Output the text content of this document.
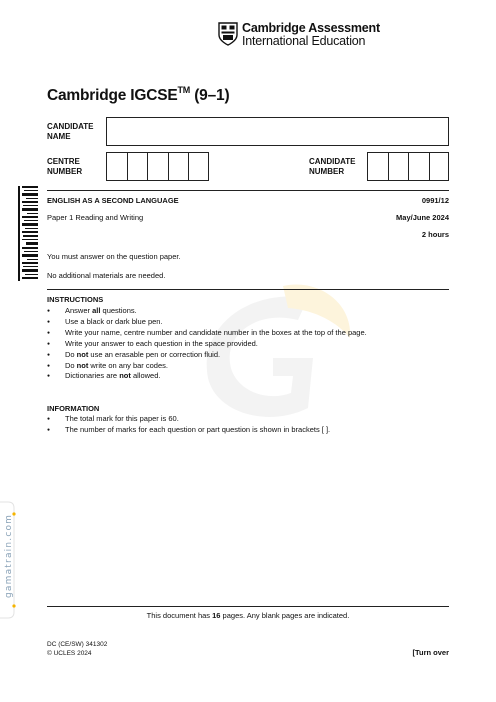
Cambridge Assessment
International Education
Cambridge IGCSE™ (9–1)
CANDIDATE
NAME
CENTRE
NUMBER
CANDIDATE
NUMBER
ENGLISH AS A SECOND LANGUAGE	0991/12
Paper 1 Reading and Writing	May/June 2024
2 hours
You must answer on the question paper.
No additional materials are needed.
INSTRUCTIONS
● Answer all questions.
● Use a black or dark blue pen.
● Write your name, centre number and candidate number in the boxes at the top of the page.
● Write your answer to each question in the space provided.
● Do not use an erasable pen or correction fluid.
● Do not write on any bar codes.
● Dictionaries are not allowed.
INFORMATION
● The total mark for this paper is 60.
● The number of marks for each question or part question is shown in brackets [ ].
gamatrain.com
This document has 16 pages. Any blank pages are indicated.
DC (CE/SW) 341302
© UCLES 2024	[Turn over
